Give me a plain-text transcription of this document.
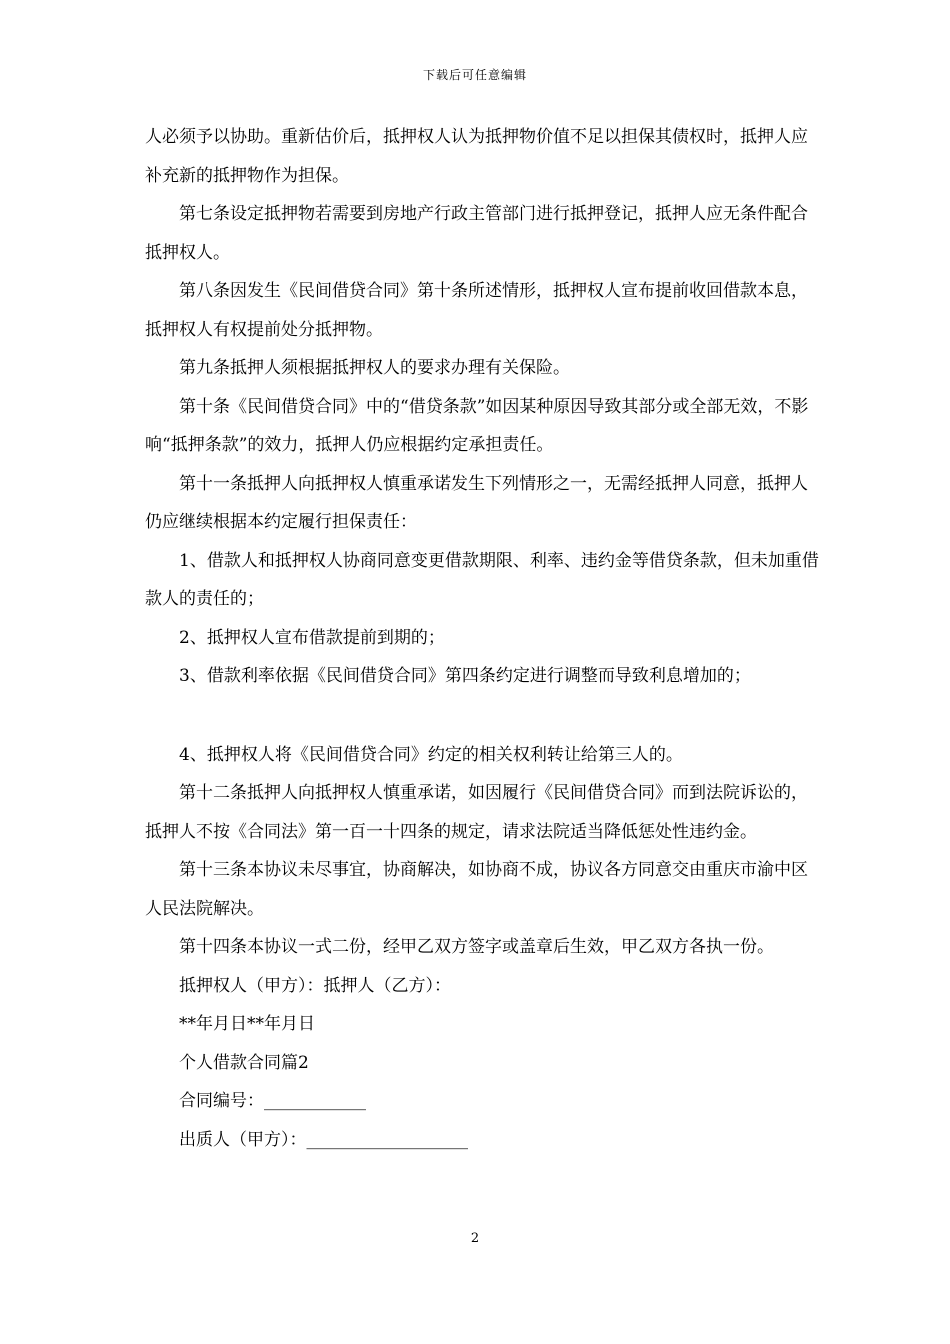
下载后可任意编辑

人必须予以协助。重新估价后，抵押权人认为抵押物价值不足以担保其债权时，抵押人应补充新的抵押物作为担保。

第七条设定抵押物若需要到房地产行政主管部门进行抵押登记，抵押人应无条件配合抵押权人。

第八条因发生《民间借贷合同》第十条所述情形，抵押权人宣布提前收回借款本息，抵押权人有权提前处分抵押物。

第九条抵押人须根据抵押权人的要求办理有关保险。

第十条《民间借贷合同》中的“借贷条款”如因某种原因导致其部分或全部无效，不影响“抵押条款”的效力，抵押人仍应根据约定承担责任。

第十一条抵押人向抵押权人慎重承诺发生下列情形之一，无需经抵押人同意，抵押人仍应继续根据本约定履行担保责任：

1、借款人和抵押权人协商同意变更借款期限、利率、违约金等借贷条款，但未加重借款人的责任的；

2、抵押权人宣布借款提前到期的；

3、借款利率依据《民间借贷合同》第四条约定进行调整而导致利息增加的；

4、抵押权人将《民间借贷合同》约定的相关权利转让给第三人的。

第十二条抵押人向抵押权人慎重承诺，如因履行《民间借贷合同》而到法院诉讼的，抵押人不按《合同法》第一百一十四条的规定，请求法院适当降低惩处性违约金。

第十三条本协议未尽事宜，协商解决，如协商不成，协议各方同意交由重庆市渝中区人民法院解决。

第十四条本协议一式二份，经甲乙双方签字或盖章后生效，甲乙双方各执一份。

抵押权人（甲方）：抵押人（乙方）：

**年月日**年月日

个人借款合同篇2

合同编号：____________

出质人（甲方）：___________________

2
